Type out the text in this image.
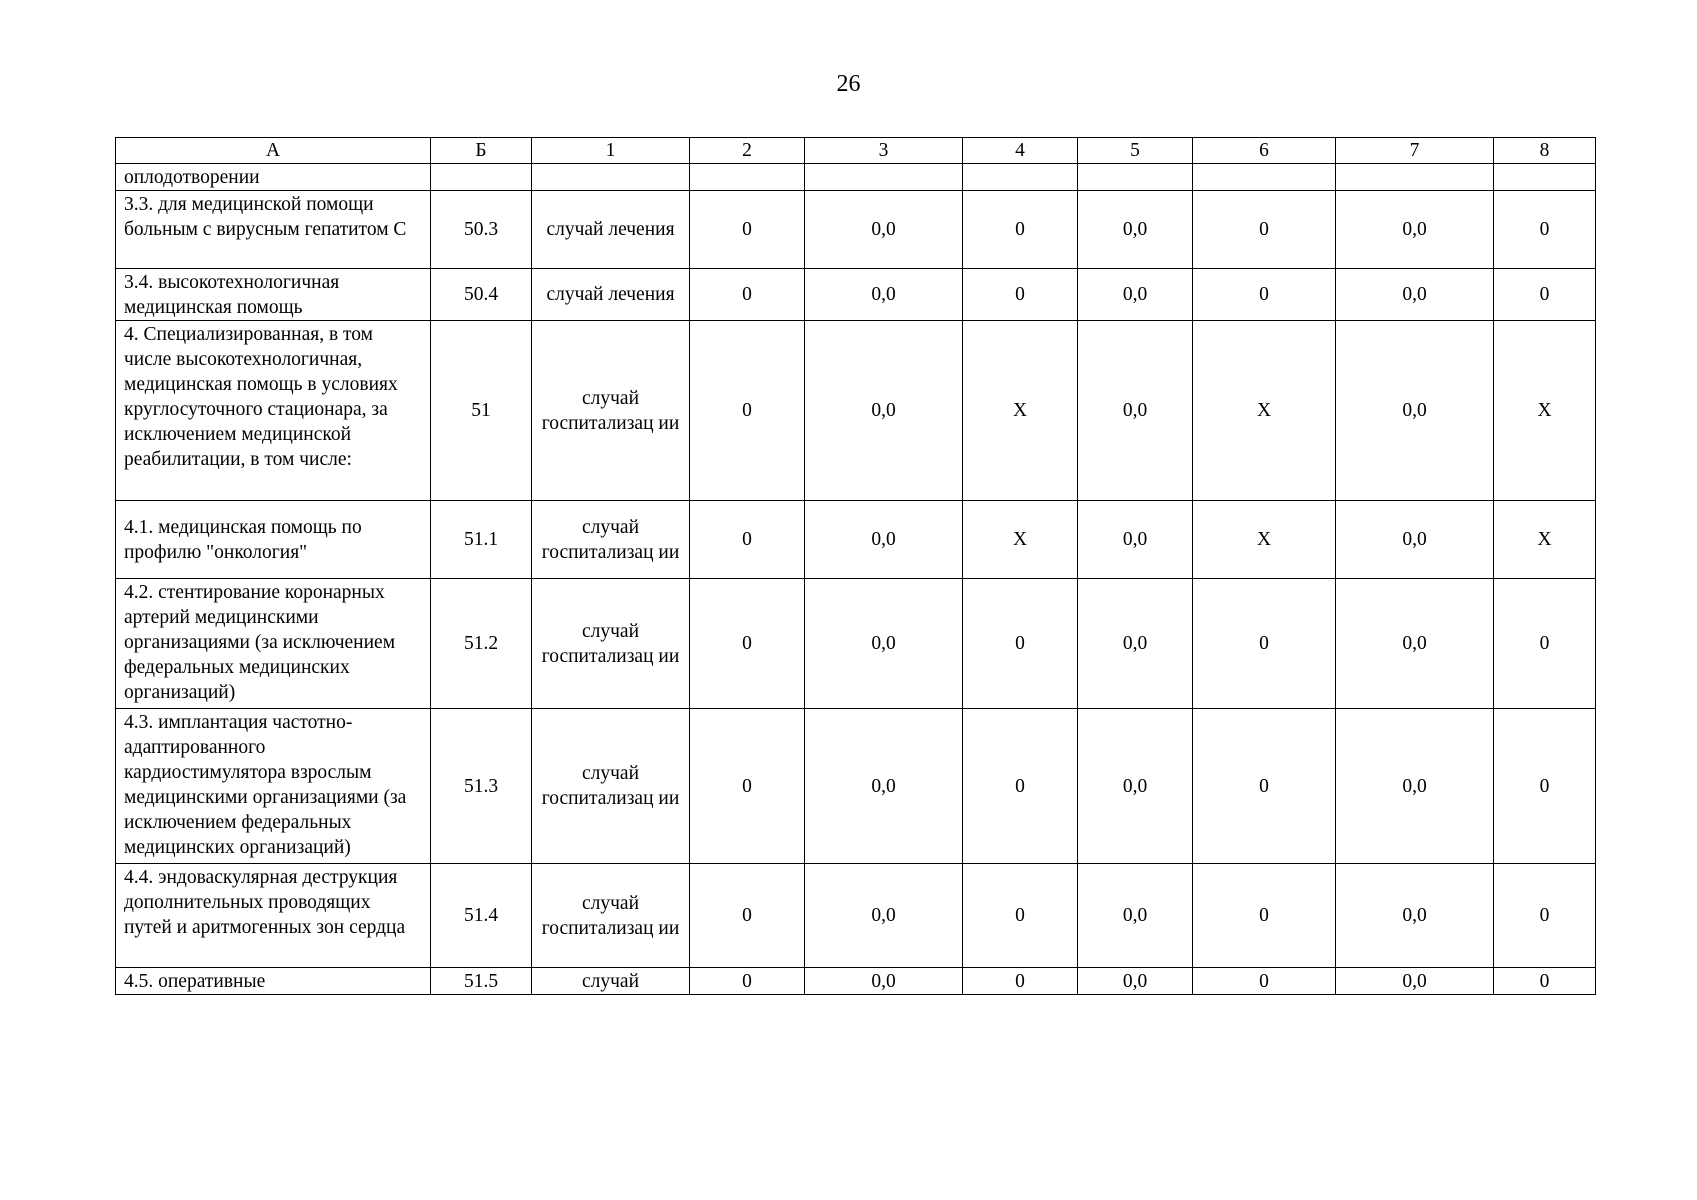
26
А	Б	1	2	3	4	5	6	7	8
оплодотворении									
3.3. для медицинской помощи больным с вирусным гепатитом С	50.3	случай лечения	0	0,0	0	0,0	0	0,0	0
3.4. высокотехнологичная медицинская помощь	50.4	случай лечения	0	0,0	0	0,0	0	0,0	0
4. Специализированная, в том числе высокотехнологичная, медицинская помощь в условиях круглосуточного стационара, за исключением медицинской реабилитации, в том числе:	51	случай госпитализац ии	0	0,0	Х	0,0	Х	0,0	Х
4.1. медицинская помощь по профилю "онкология"	51.1	случай госпитализац ии	0	0,0	Х	0,0	Х	0,0	Х
4.2. стентирование коронарных артерий медицинскими организациями (за исключением федеральных медицинских организаций)	51.2	случай госпитализац ии	0	0,0	0	0,0	0	0,0	0
4.3. имплантация частотно-адаптированного кардиостимулятора взрослым медицинскими организациями (за исключением федеральных медицинских организаций)	51.3	случай госпитализац ии	0	0,0	0	0,0	0	0,0	0
4.4. эндоваскулярная деструкция дополнительных проводящих путей и аритмогенных зон сердца	51.4	случай госпитализац ии	0	0,0	0	0,0	0	0,0	0
4.5. оперативные	51.5	случай	0	0,0	0	0,0	0	0,0	0
